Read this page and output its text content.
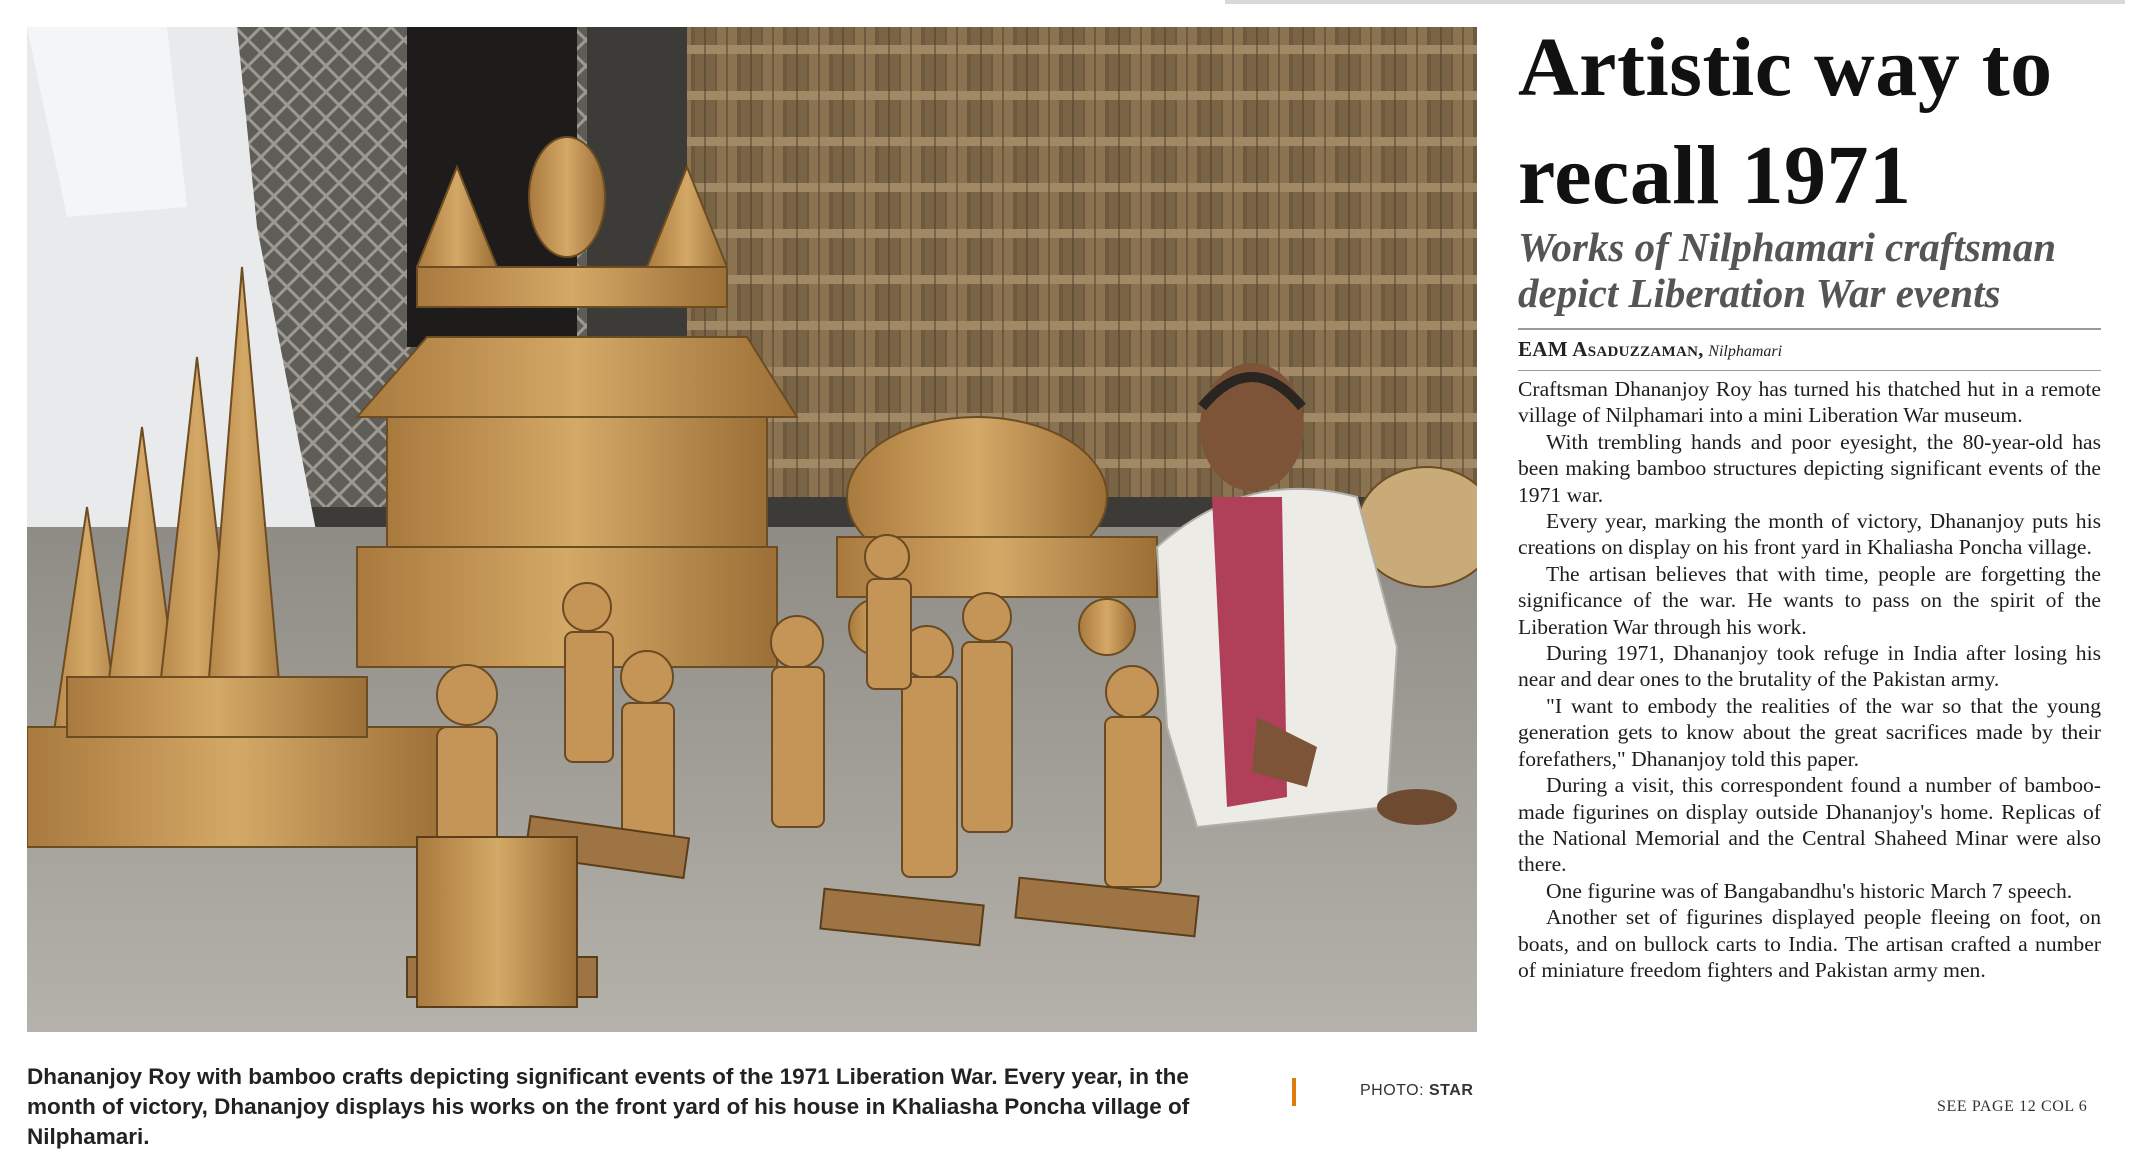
Dhananjoy Roy with bamboo crafts depicting significant events of the 1971 Liberation War. Every year, in the month of victory, Dhananjoy displays his works on the front yard of his house in Khaliasha Poncha village of Nilphamari.
PHOTO: STAR
Artistic way to recall 1971
Works of Nilphamari craftsman depict Liberation War events
EAM Asaduzzaman, Nilphamari

Craftsman Dhananjoy Roy has turned his thatched hut in a remote village of Nilphamari into a mini Liberation War museum.

With trembling hands and poor eyesight, the 80-year-old has been making bamboo structures depicting significant events of the 1971 war.

Every year, marking the month of victory, Dhananjoy puts his creations on display on his front yard in Khaliasha Poncha village.

The artisan believes that with time, people are forgetting the significance of the war. He wants to pass on the spirit of the Liberation War through his work.

During 1971, Dhananjoy took refuge in India after losing his near and dear ones to the brutality of the Pakistan army.

"I want to embody the realities of the war so that the young generation gets to know about the great sacrifices made by their forefathers," Dhananjoy told this paper.

During a visit, this correspondent found a number of bamboo-made figurines on display outside Dhananjoy's home. Replicas of the National Memorial and the Central Shaheed Minar were also there.

One figurine was of Bangabandhu's historic March 7 speech.

Another set of figurines displayed people fleeing on foot, on boats, and on bullock carts to India. The artisan crafted a number of miniature freedom fighters and Pakistan army men.

SEE PAGE 12 COL 6
